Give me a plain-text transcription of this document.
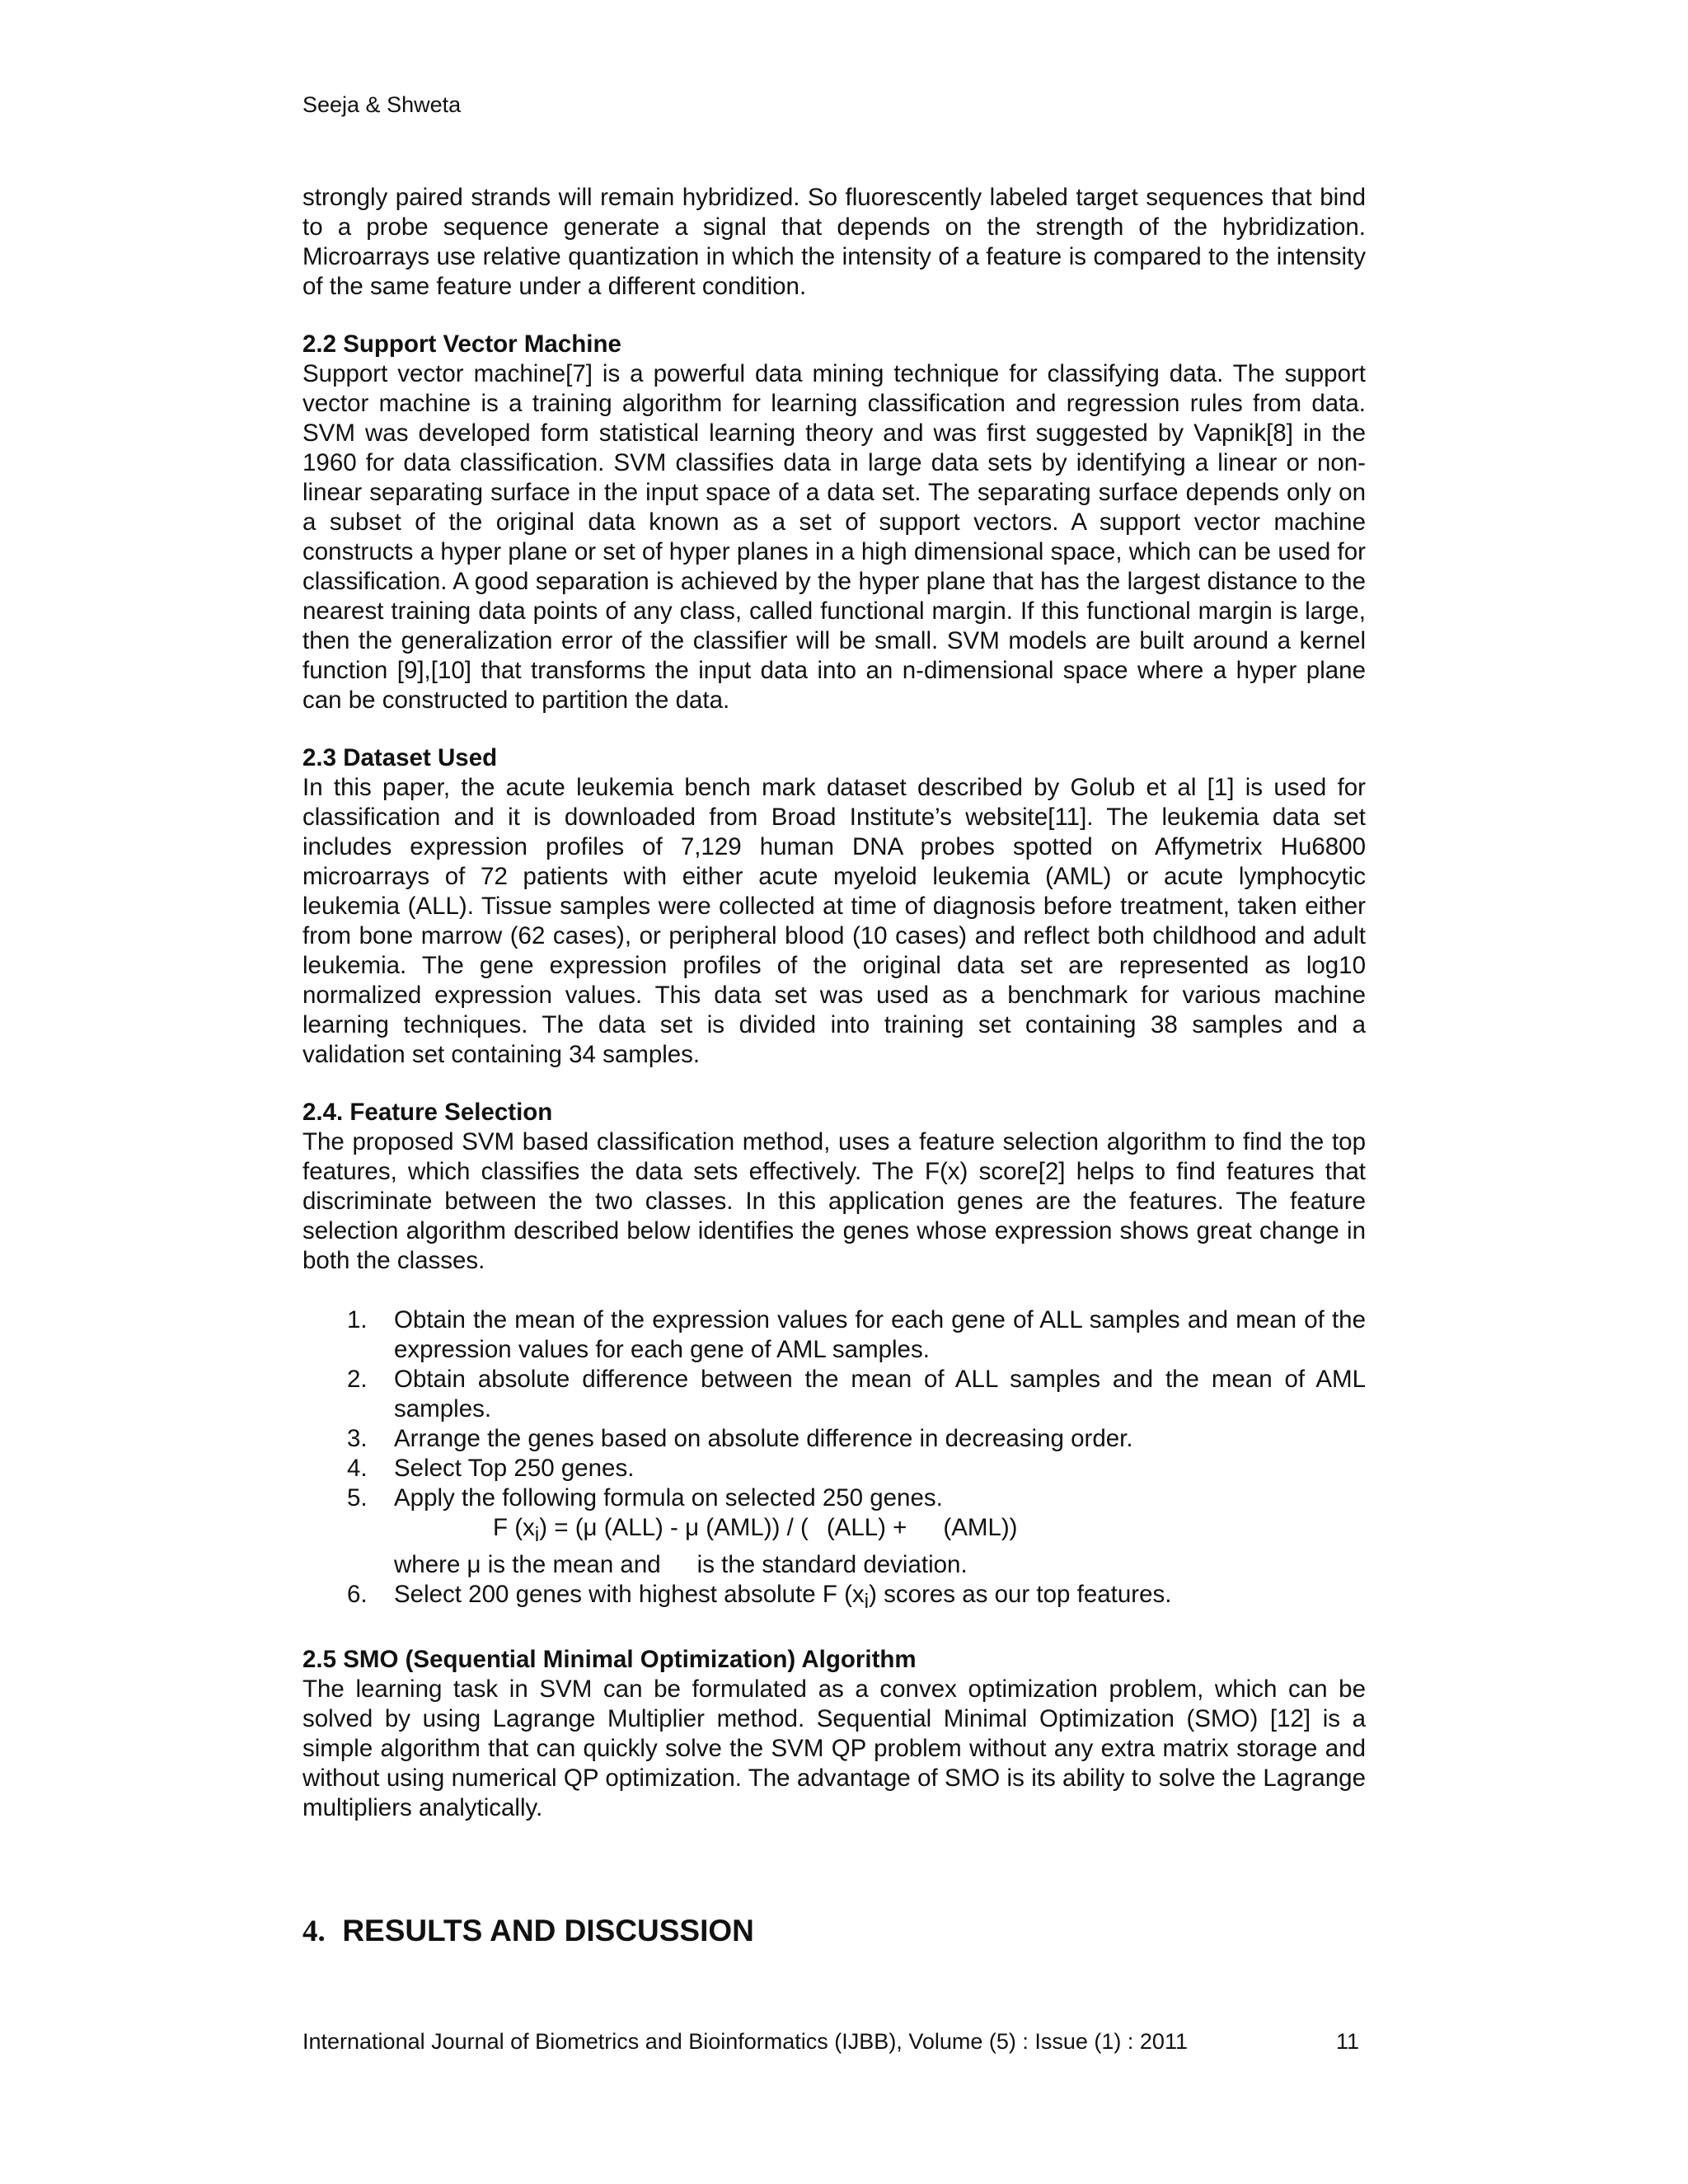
Seeja & Shweta

strongly paired strands will remain hybridized. So fluorescently labeled target sequences that bind to a probe sequence generate a signal that depends on the strength of the hybridization. Microarrays use relative quantization in which the intensity of a feature is compared to the intensity of the same feature under a different condition.

2.2 Support Vector Machine

Support vector machine[7] is a powerful data mining technique for classifying data. The support vector machine is a training algorithm for learning classification and regression rules from data. SVM was developed form statistical learning theory and was first suggested by Vapnik[8] in the 1960 for data classification. SVM classifies data in large data sets by identifying a linear or non-linear separating surface in the input space of a data set. The separating surface depends only on a subset of the original data known as a set of support vectors. A support vector machine constructs a hyper plane or set of hyper planes in a high dimensional space, which can be used for classification. A good separation is achieved by the hyper plane that has the largest distance to the nearest training data points of any class, called functional margin. If this functional margin is large, then the generalization error of the classifier will be small. SVM models are built around a kernel function [9],[10] that transforms the input data into an n-dimensional space where a hyper plane can be constructed to partition the data.

2.3 Dataset Used

In this paper, the acute leukemia bench mark dataset described by Golub et al [1] is used for classification and it is downloaded from Broad Institute’s website[11]. The leukemia data set includes expression profiles of 7,129 human DNA probes spotted on Affymetrix Hu6800 microarrays of 72 patients with either acute myeloid leukemia (AML) or acute lymphocytic leukemia (ALL). Tissue samples were collected at time of diagnosis before treatment, taken either from bone marrow (62 cases), or peripheral blood (10 cases) and reflect both childhood and adult leukemia. The gene expression profiles of the original data set are represented as log10 normalized expression values. This data set was used as a benchmark for various machine learning techniques. The data set is divided into training set containing 38 samples and a validation set containing 34 samples.

2.4. Feature Selection

The proposed SVM based classification method, uses a feature selection algorithm to find the top features, which classifies the data sets effectively. The F(x) score[2] helps to find features that discriminate between the two classes. In this application genes are the features. The feature selection algorithm described below identifies the genes whose expression shows great change in both the classes.

1. Obtain the mean of the expression values for each gene of ALL samples and mean of the expression values for each gene of AML samples.
2. Obtain absolute difference between the mean of ALL samples and the mean of AML samples.
3. Arrange the genes based on absolute difference in decreasing order.
4. Select Top 250 genes.
5. Apply the following formula on selected 250 genes.
F $(x_i) = (\mu$ (ALL) - μ (AML)) / ( (ALL) + (AML))
where μ is the mean and is the standard deviation.
6. Select 200 genes with highest absolute F $(x_i)$ scores as our top features.
2.5 SMO (Sequential Minimal Optimization) Algorithm

The learning task in SVM can be formulated as a convex optimization problem, which can be solved by using Lagrange Multiplier method. Sequential Minimal Optimization (SMO) [12] is a simple algorithm that can quickly solve the SVM QP problem without any extra matrix storage and without using numerical QP optimization. The advantage of SMO is its ability to solve the Lagrange multipliers analytically.

4. RESULTS AND DISCUSSION
International Journal of Biometrics and Bioinformatics (IJBB), Volume (5) : Issue (1) : 2011	11
